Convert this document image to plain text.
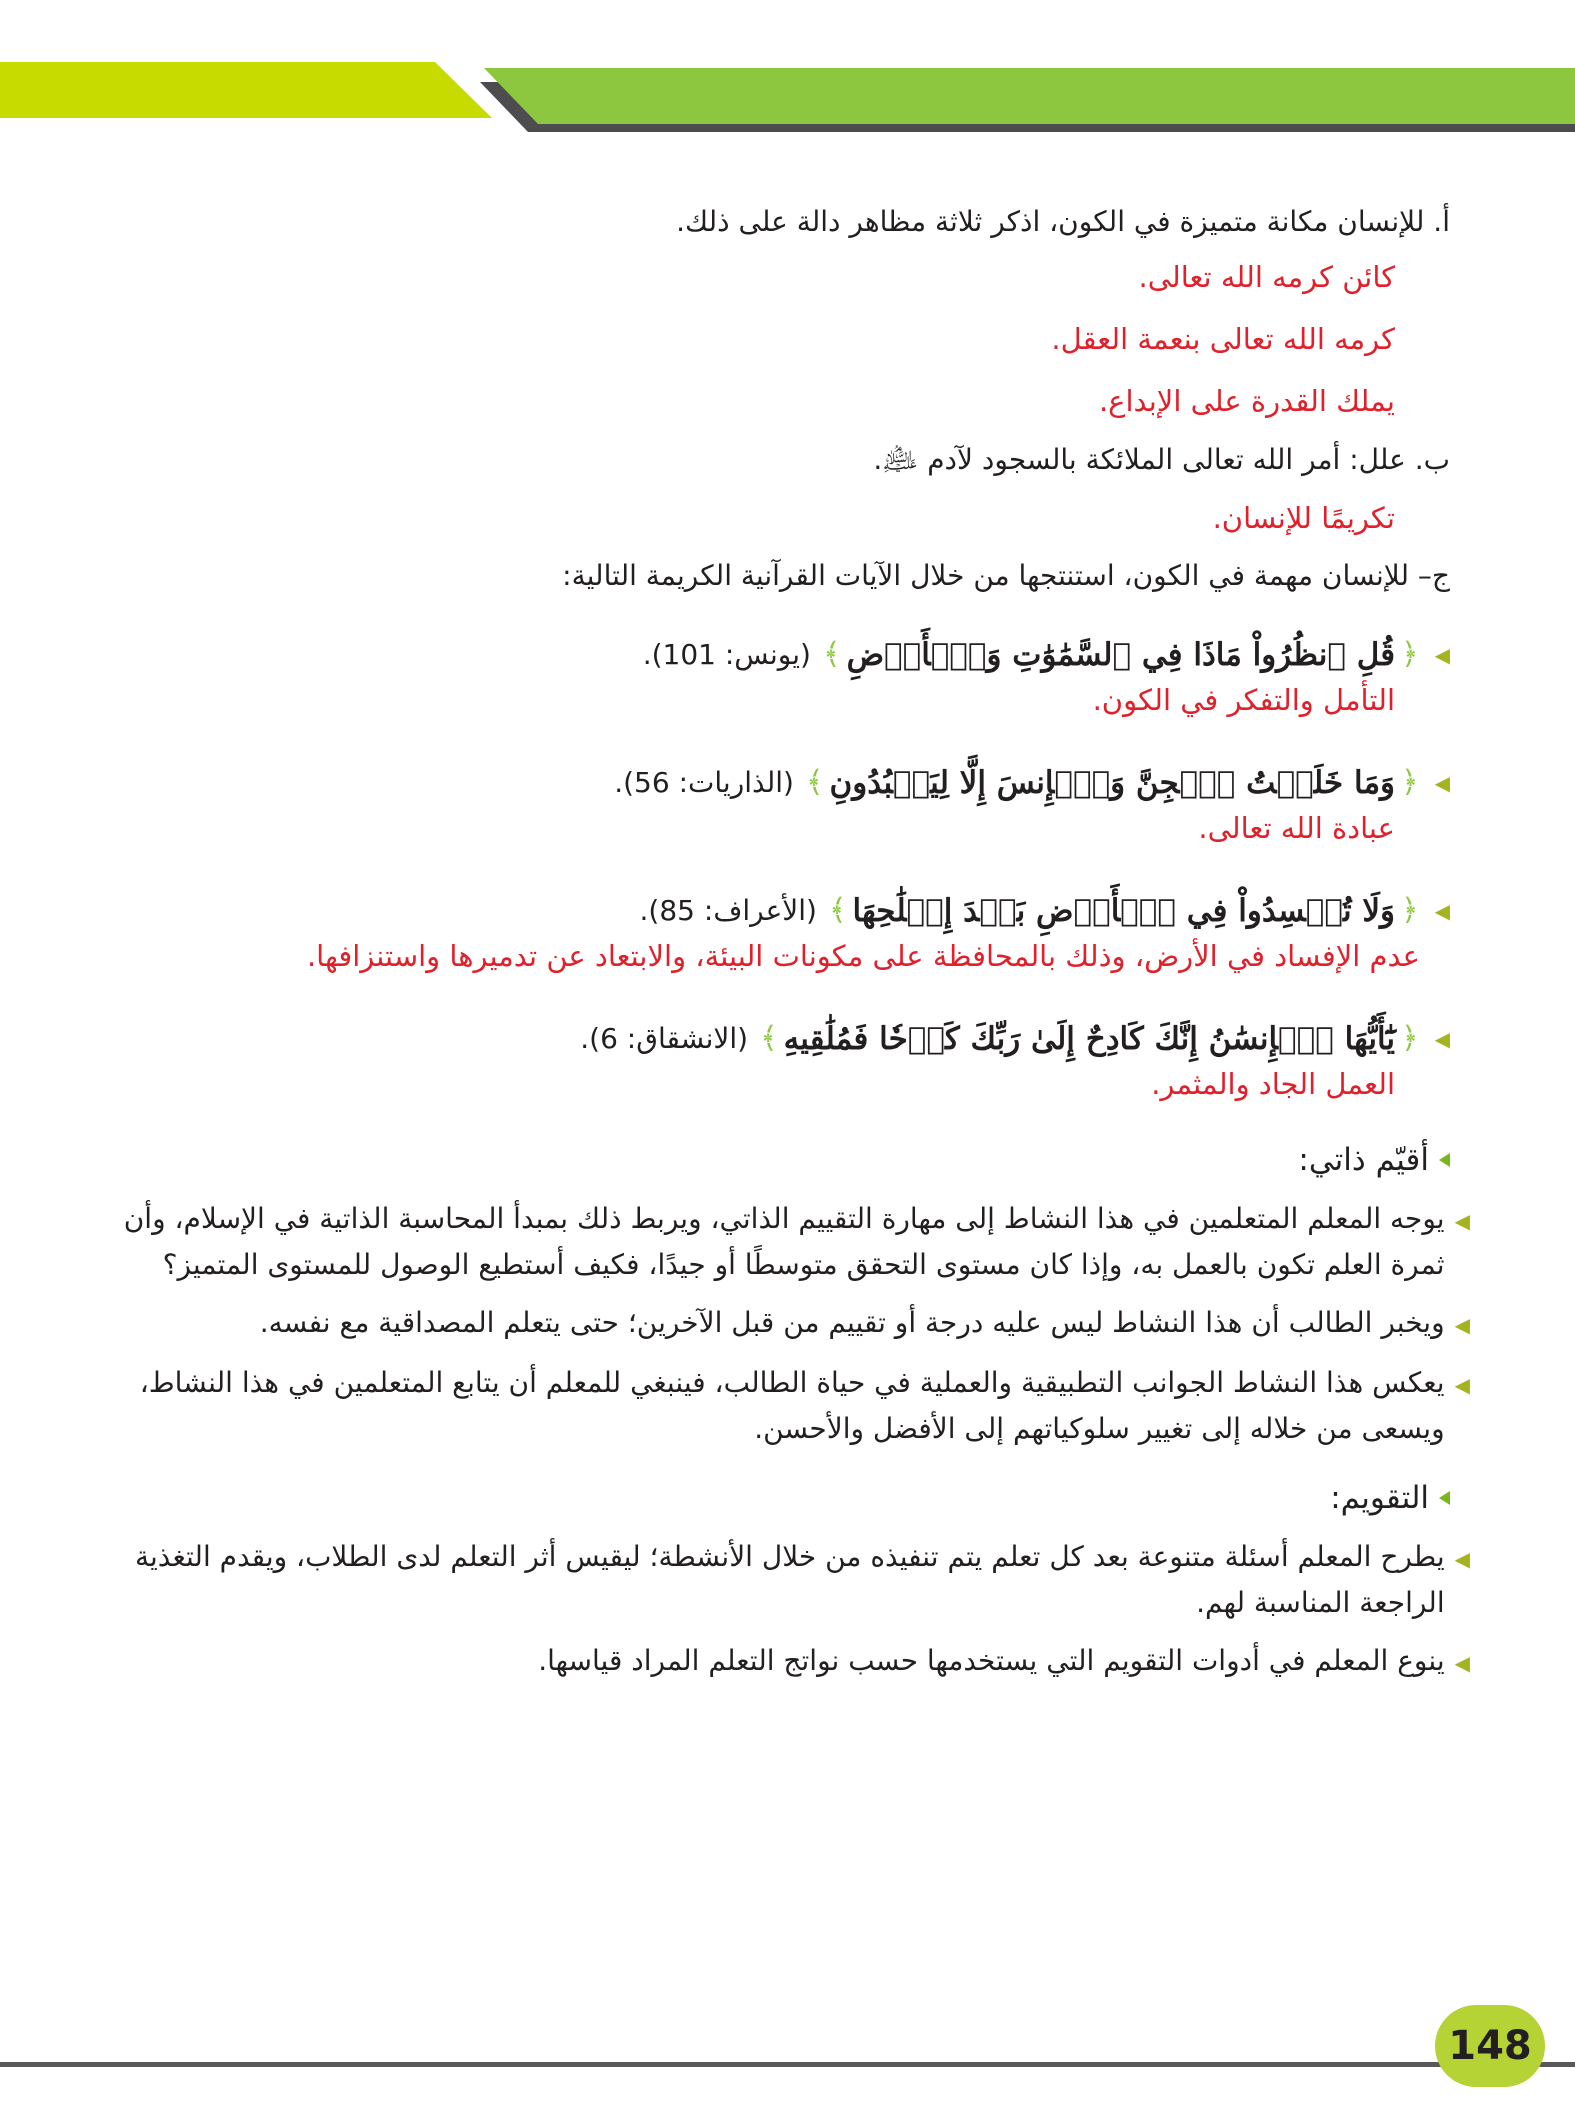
أ. للإنسان مكانة متميزة في الكون، اذكر ثلاثة مظاهر دالة على ذلك.
كائن كرمه الله تعالى.
كرمه الله تعالى بنعمة العقل.
يملك القدرة على الإبداع.
ب. علل: أمر الله تعالى الملائكة بالسجود لآدم ﵇.
تكريمًا للإنسان.
ج– للإنسان مهمة في الكون، استنتجها من خلال الآيات القرآنية الكريمة التالية:
◀
﴿
قُلِ ٱنظُرُواْ مَاذَا فِي ٱلسَّمَٰوَٰتِ وَٱلۡأَرۡضِ
﴾
(يونس: 101).
التأمل والتفكر في الكون.
◀
﴿
وَمَا خَلَقۡتُ ٱلۡجِنَّ وَٱلۡإِنسَ إِلَّا لِيَعۡبُدُونِ
﴾
(الذاريات: 56).
عبادة الله تعالى.
◀
﴿
وَلَا تُفۡسِدُواْ فِي ٱلۡأَرۡضِ بَعۡدَ إِصۡلَٰحِهَا
﴾
(الأعراف: 85).
عدم الإفساد في الأرض، وذلك بالمحافظة على مكونات البيئة، والابتعاد عن تدميرها واستنزافها.
◀
﴿
يَٰٓأَيُّهَا ٱلۡإِنسَٰنُ إِنَّكَ كَادِحٌ إِلَىٰ رَبِّكَ كَدۡحٗا فَمُلَٰقِيهِ
﴾
(الانشقاق: 6).
العمل الجاد والمثمر.
أقيّم ذاتي:
◀
يوجه المعلم المتعلمين في هذا النشاط إلى مهارة التقييم الذاتي، ويربط ذلك بمبدأ المحاسبة الذاتية في الإسلام، وأن ثمرة العلم تكون بالعمل به، وإذا كان مستوى التحقق متوسطًا أو جيدًا، فكيف أستطيع الوصول للمستوى المتميز؟
◀
ويخبر الطالب أن هذا النشاط ليس عليه درجة أو تقييم من قبل الآخرين؛ حتى يتعلم المصداقية مع نفسه.
◀
يعكس هذا النشاط الجوانب التطبيقية والعملية في حياة الطالب، فينبغي للمعلم أن يتابع المتعلمين في هذا النشاط، ويسعى من خلاله إلى تغيير سلوكياتهم إلى الأفضل والأحسن.
التقويم:
◀
يطرح المعلم أسئلة متنوعة بعد كل تعلم يتم تنفيذه من خلال الأنشطة؛ ليقيس أثر التعلم لدى الطلاب، ويقدم التغذية الراجعة المناسبة لهم.
◀
ينوع المعلم في أدوات التقويم التي يستخدمها حسب نواتج التعلم المراد قياسها.
148
